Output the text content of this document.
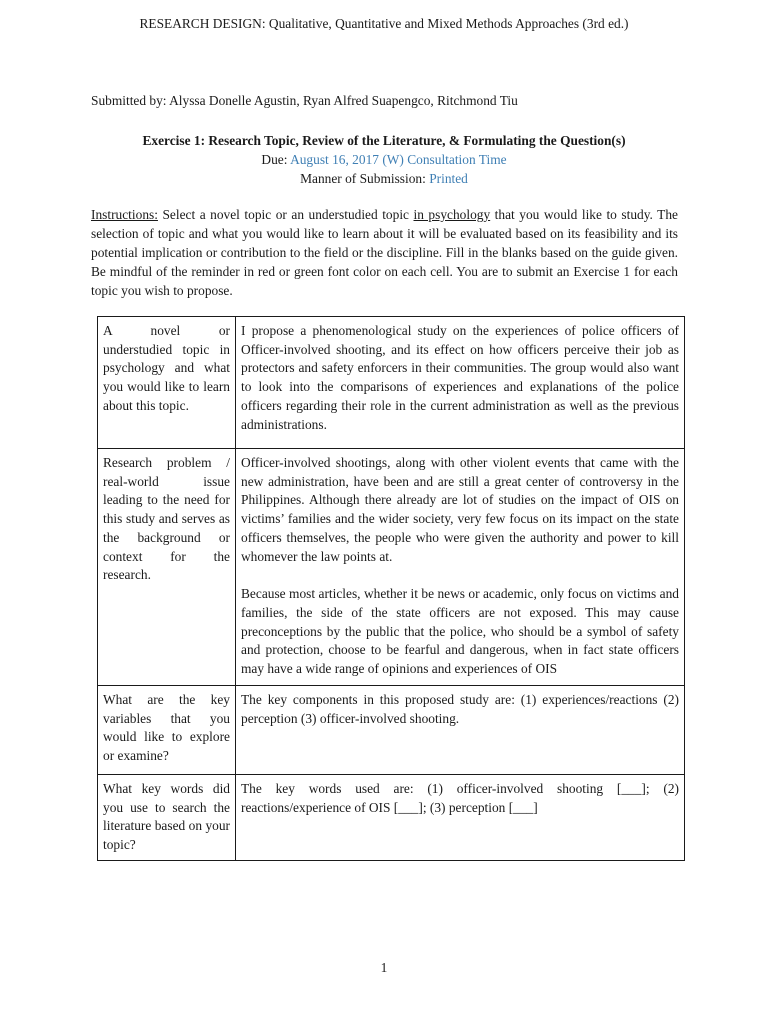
RESEARCH DESIGN: Qualitative, Quantitative and Mixed Methods Approaches (3rd ed.)
Submitted by: Alyssa Donelle Agustin, Ryan Alfred Suapengco, Ritchmond Tiu
Exercise 1: Research Topic, Review of the Literature, & Formulating the Question(s)
Due: August 16, 2017 (W) Consultation Time
Manner of Submission: Printed
Instructions: Select a novel topic or an understudied topic in psychology that you would like to study. The selection of topic and what you would like to learn about it will be evaluated based on its feasibility and its potential implication or contribution to the field or the discipline. Fill in the blanks based on the guide given. Be mindful of the reminder in red or green font color on each cell. You are to submit an Exercise 1 for each topic you wish to propose.
A novel or understudied topic in psychology and what you would like to learn about this topic.	I propose a phenomenological study on the experiences of police officers of Officer-involved shooting, and its effect on how officers perceive their job as protectors and safety enforcers in their communities. The group would also want to look into the comparisons of experiences and explanations of the police officers regarding their role in the current administration as well as the previous administrations.
Research problem / real-world issue leading to the need for this study and serves as the background or context for the research.	Officer-involved shootings, along with other violent events that came with the new administration, have been and are still a great center of controversy in the Philippines. Although there already are lot of studies on the impact of OIS on victims’ families and the wider society, very few focus on its impact on the state officers themselves, the people who were given the authority and power to kill whomever the law points at.
Because most articles, whether it be news or academic, only focus on victims and families, the side of the state officers are not exposed. This may cause preconceptions by the public that the police, who should be a symbol of safety and protection, choose to be fearful and dangerous, when in fact state officers may have a wide range of opinions and experiences of OIS

What are the key variables that you would like to explore or examine?	The key components in this proposed study are: (1) experiences/reactions (2) perception (3) officer-involved shooting.
What key words did you use to search the literature based on your topic?	The key words used are: (1) officer-involved shooting [___]; (2) reactions/experience of OIS [___]; (3) perception [___]
1
